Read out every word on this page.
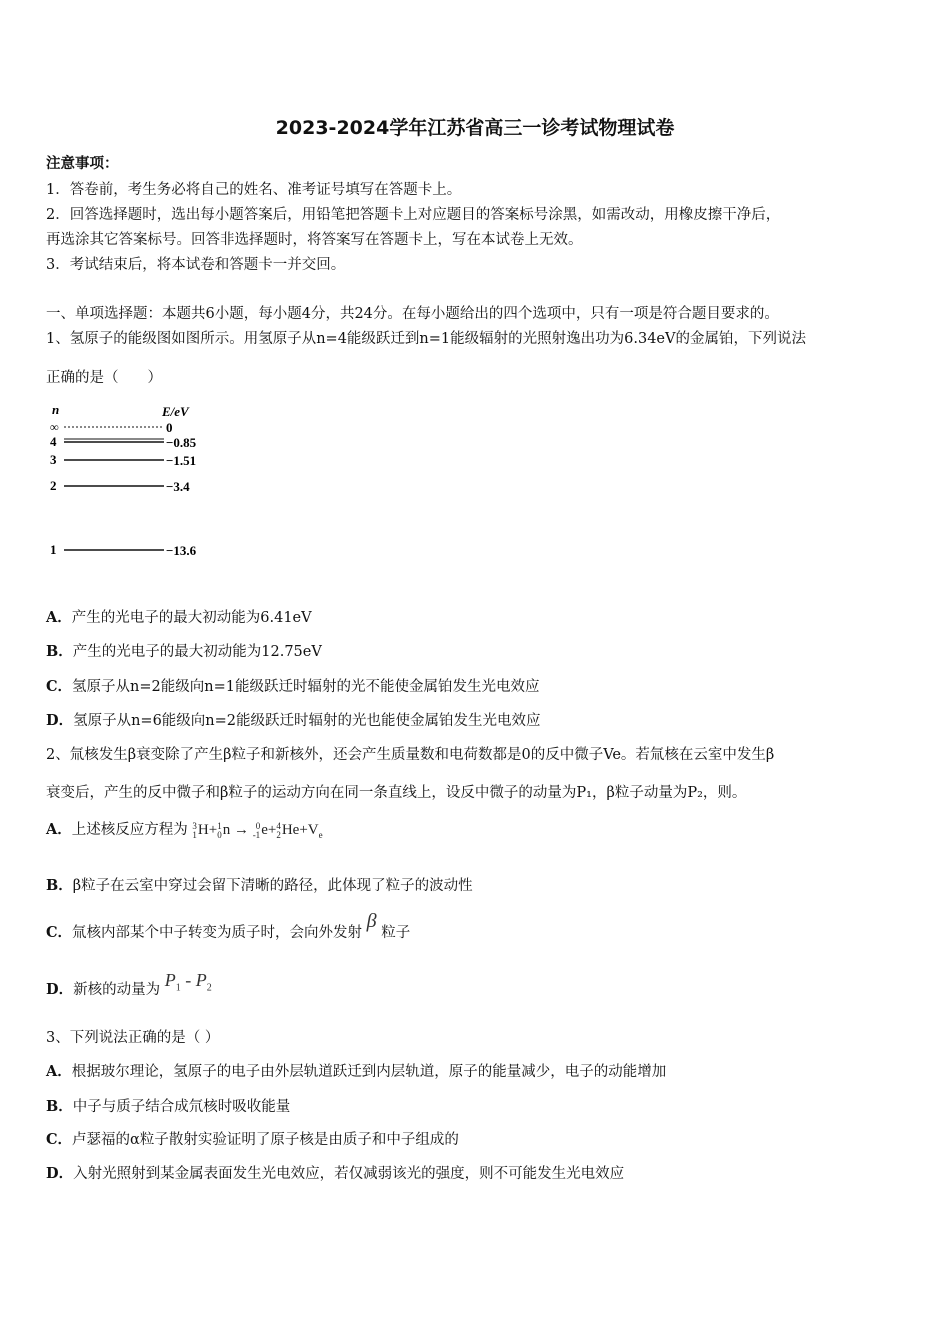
2023-2024学年江苏省高三一诊考试物理试卷
注意事项：
1．答卷前，考生务必将自己的姓名、准考证号填写在答题卡上。
2．回答选择题时，选出每小题答案后，用铅笔把答题卡上对应题目的答案标号涂黑，如需改动，用橡皮擦干净后，
再选涂其它答案标号。回答非选择题时，将答案写在答题卡上，写在本试卷上无效。
3．考试结束后，将本试卷和答题卡一并交回。
一、单项选择题：本题共6小题，每小题4分，共24分。在每小题给出的四个选项中，只有一项是符合题目要求的。
1、氢原子的能级图如图所示。用氢原子从n=4能级跃迁到n=1能级辐射的光照射逸出功为6.34eV的金属铂，下列说法
正确的是（　　）
n	E/eV
∞	0
4	−0.85
3	−1.51
2	−3.4
1	−13.6
A．产生的光电子的最大初动能为6.41eV
B．产生的光电子的最大初动能为12.75eV
C．氢原子从n=2能级向n=1能级跃迁时辐射的光不能使金属铂发生光电效应
D．氢原子从n=6能级向n=2能级跃迁时辐射的光也能使金属铂发生光电效应
2、氚核发生β衰变除了产生β粒子和新核外，还会产生质量数和电荷数都是0的反中微子Ve。若氚核在云室中发生β
衰变后，产生的反中微子和β粒子的运动方向在同一条直线上，设反中微子的动量为P₁，β粒子动量为P₂，则。
A．上述核反应方程为 3
1H+1
0n → 0
-1e+4
$2He+V_e$
B．β粒子在云室中穿过会留下清晰的路径，此体现了粒子的波动性
C．氚核内部某个中子转变为质子时，会向外发射 β 粒子
D．新核的动量为 $P_1 - P_2$
3、下列说法正确的是（ ）
A．根据玻尔理论，氢原子的电子由外层轨道跃迁到内层轨道，原子的能量减少，电子的动能增加
B．中子与质子结合成氘核时吸收能量
C．卢瑟福的α粒子散射实验证明了原子核是由质子和中子组成的
D．入射光照射到某金属表面发生光电效应，若仅减弱该光的强度，则不可能发生光电效应
